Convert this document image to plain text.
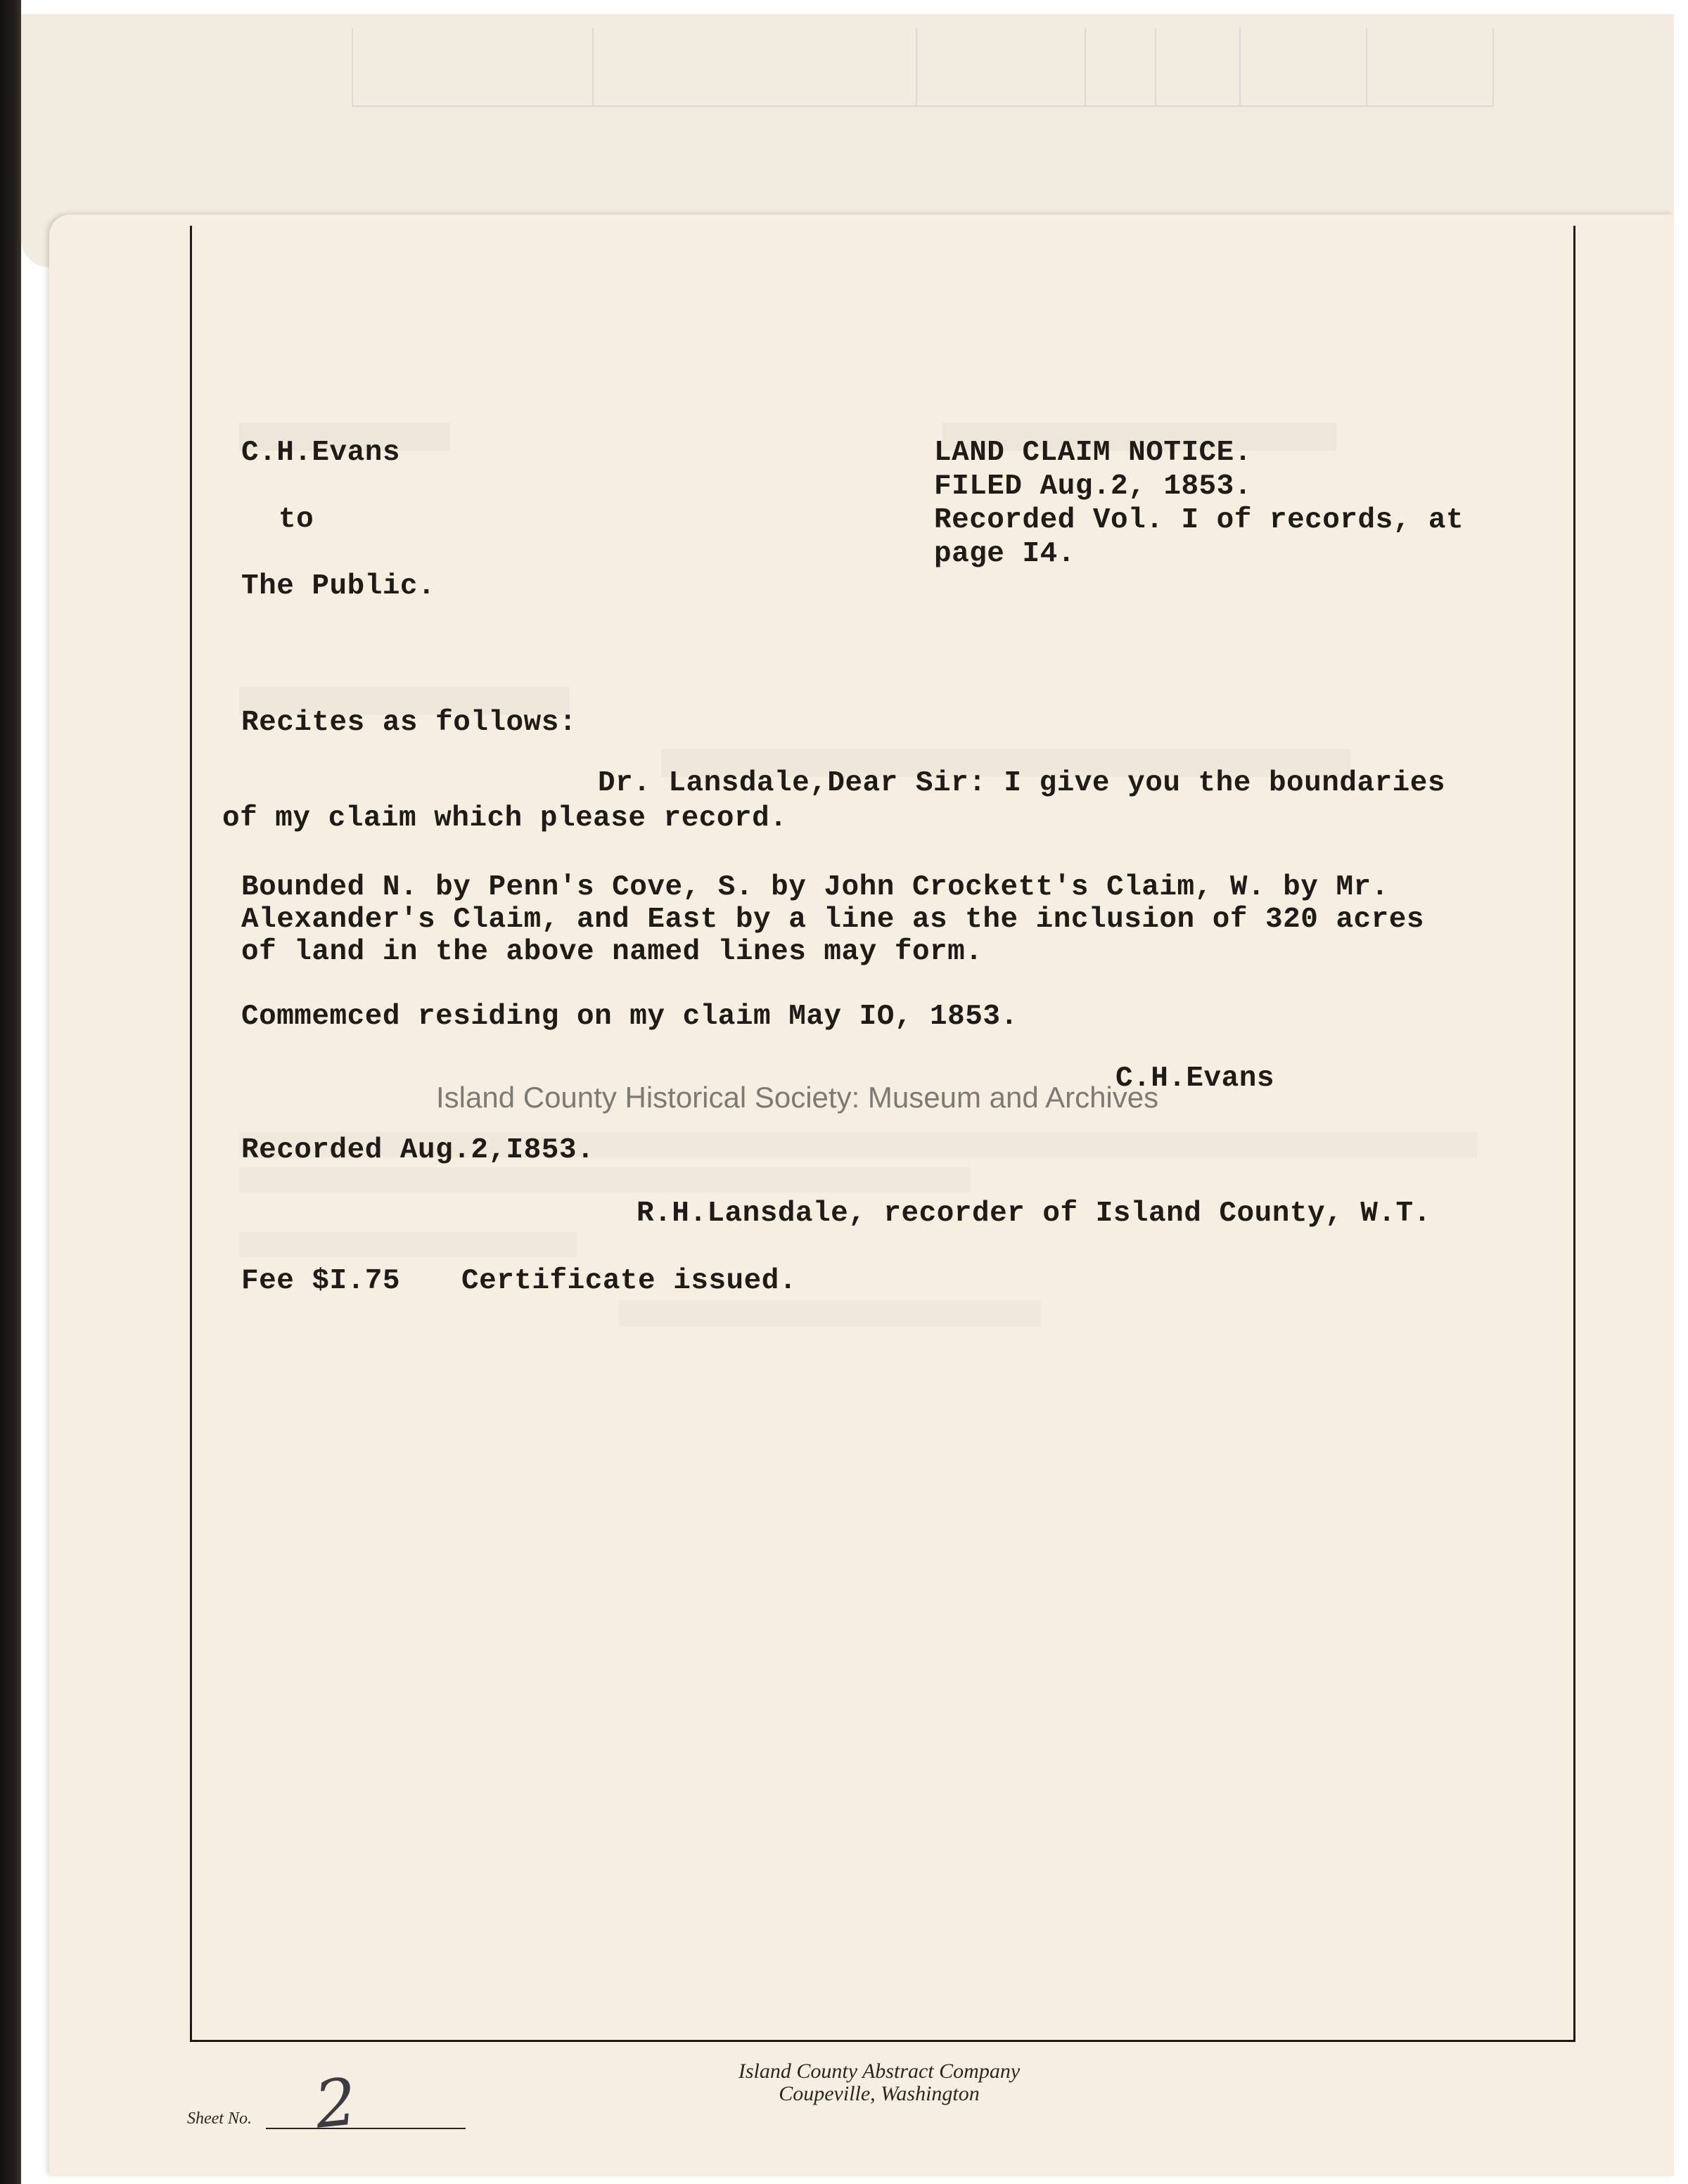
C.H.Evans
to
The Public.
LAND CLAIM NOTICE.
FILED Aug.2, 1853.
Recorded Vol. I of records, at
page I4.
Recites as follows:
Dr. Lansdale,Dear Sir: I give you the boundaries
of my claim which please record.
Bounded N. by Penn's Cove, S. by John Crockett's Claim, W. by Mr.
Alexander's Claim, and East by a line as the inclusion of 320 acres
of land in the above named lines may form.
Commemced residing on my claim May IO, 1853.
C.H.Evans
Island County Historical Society: Museum and Archives
Recorded Aug.2,I853.
R.H.Lansdale, recorder of Island County, W.T.
Fee $I.75 Certificate issued.
Island County Abstract Company
Coupeville, Washington
Sheet No. 2
